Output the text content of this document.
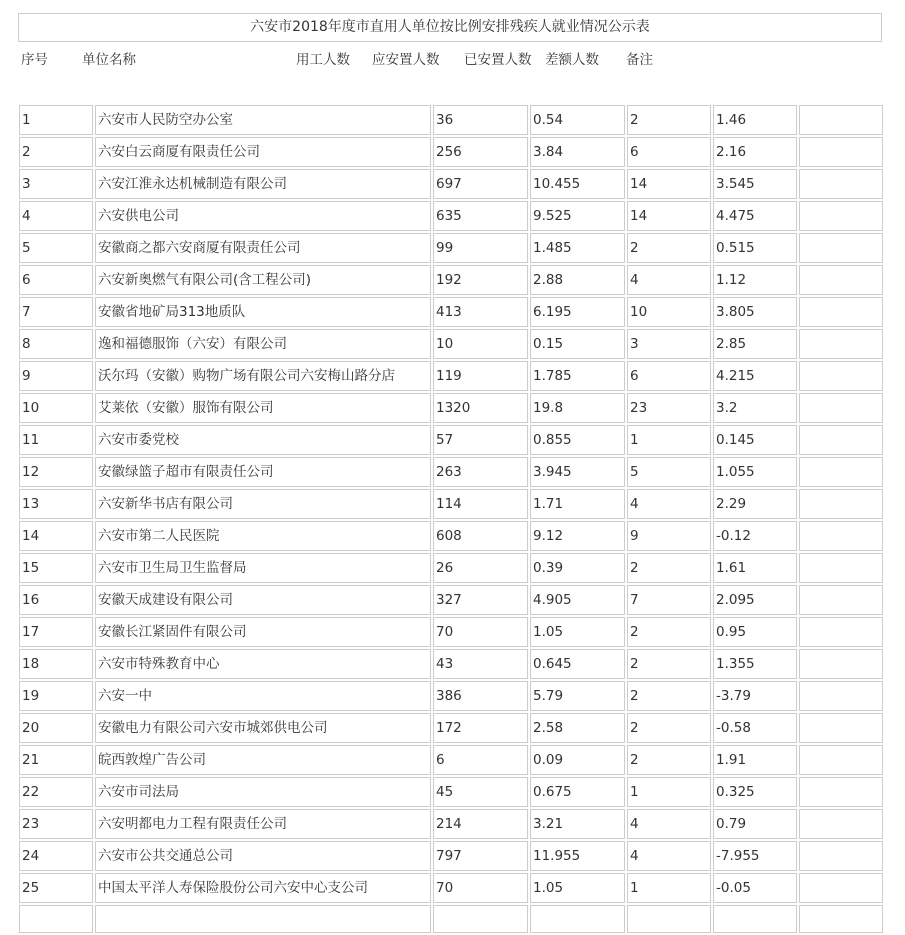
六安市2018年度市直用人单位按比例安排残疾人就业情况公示表
序号	单位名称	用工人数 应安置人数 已安置人数 差额人数 备注
1	六安市人民防空办公室	36	0.54	2	1.46	
2	六安白云商厦有限责任公司	256	3.84	6	2.16	
3	六安江淮永达机械制造有限公司	697	10.455	14	3.545	
4	六安供电公司	635	9.525	14	4.475	
5	安徽商之都六安商厦有限责任公司	99	1.485	2	0.515	
6	六安新奥燃气有限公司(含工程公司)	192	2.88	4	1.12	
7	安徽省地矿局313地质队	413	6.195	10	3.805	
8	逸和福德服饰（六安）有限公司	10	0.15	3	2.85	
9	沃尔玛（安徽）购物广场有限公司六安梅山路分店	119	1.785	6	4.215	
10	艾莱依（安徽）服饰有限公司	1320	19.8	23	3.2	
11	六安市委党校	57	0.855	1	0.145	
12	安徽绿篮子超市有限责任公司	263	3.945	5	1.055	
13	六安新华书店有限公司	114	1.71	4	2.29	
14	六安市第二人民医院	608	9.12	9	-0.12	
15	六安市卫生局卫生监督局	26	0.39	2	1.61	
16	安徽天成建设有限公司	327	4.905	7	2.095	
17	安徽长江紧固件有限公司	70	1.05	2	0.95	
18	六安市特殊教育中心	43	0.645	2	1.355	
19	六安一中	386	5.79	2	-3.79	
20	安徽电力有限公司六安市城郊供电公司	172	2.58	2	-0.58	
21	皖西敦煌广告公司	6	0.09	2	1.91	
22	六安市司法局	45	0.675	1	0.325	
23	六安明都电力工程有限责任公司	214	3.21	4	0.79	
24	六安市公共交通总公司	797	11.955	4	-7.955	
25	中国太平洋人寿保险股份公司六安中心支公司	70	1.05	1	-0.05	
